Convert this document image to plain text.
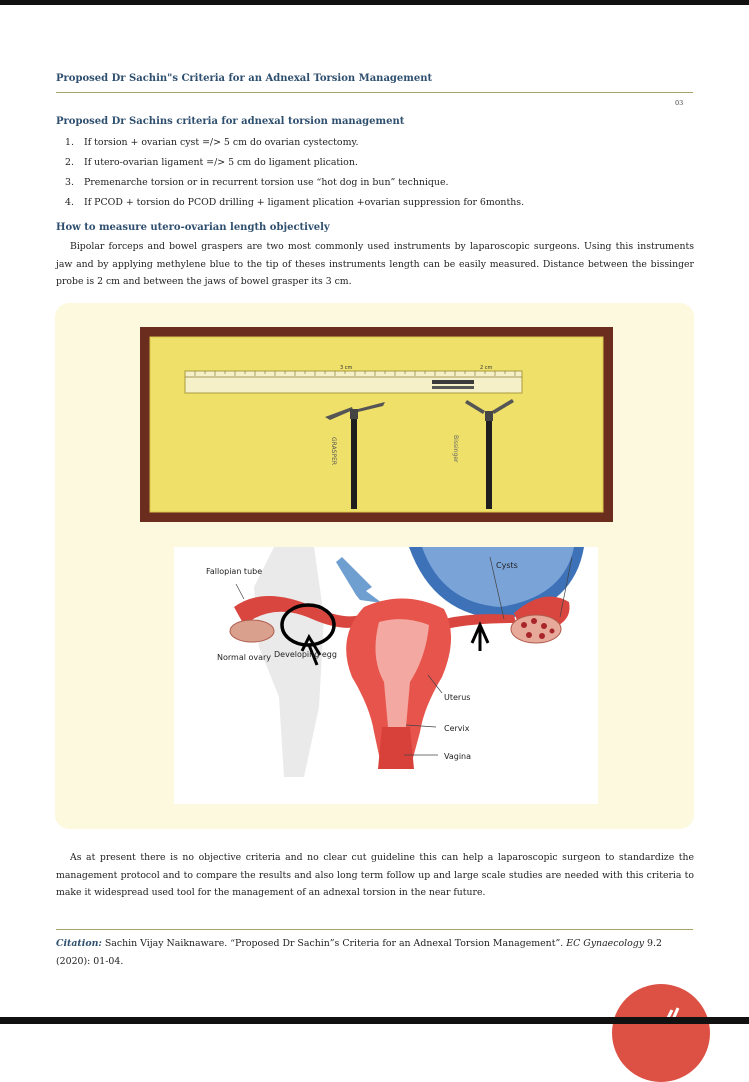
Proposed Dr Sachin"s Criteria for an Adnexal Torsion Management
03
Proposed Dr Sachins criteria for adnexal torsion management
1. If torsion + ovarian cyst =/> 5 cm do ovarian cystectomy.
2. If utero-ovarian ligament =/> 5 cm do ligament plication.
3. Premenarche torsion or in recurrent torsion use “hot dog in bun” technique.
4. If PCOD + torsion do PCOD drilling + ligament plication +ovarian suppression for 6months.
How to measure utero-ovarian length objectively

Bipolar forceps and bowel graspers are two most commonly used instruments by laparoscopic surgeons. Using this instruments jaw and by applying methylene blue to the tip of theses instruments length can be easily measured. Distance between the bissinger probe is 2 cm and between the jaws of bowel grasper its 3 cm.

3 cm	2 cm
GRASPER	Bissinger
Fallopian tube
Normal ovary Developing egg
Cysts
Uterus
Cervix
Vagina

As at present there is no objective criteria and no clear cut guideline this can help a laparoscopic surgeon to standardize the management protocol and to compare the results and also long term follow up and large scale studies are needed with this criteria to make it widespread used tool for the management of an adnexal torsion in the near future.

Citation: Sachin Vijay Naiknaware. “Proposed Dr Sachin”s Criteria for an Adnexal Torsion Management”. EC Gynaecology 9.2 (2020): 01-04.
